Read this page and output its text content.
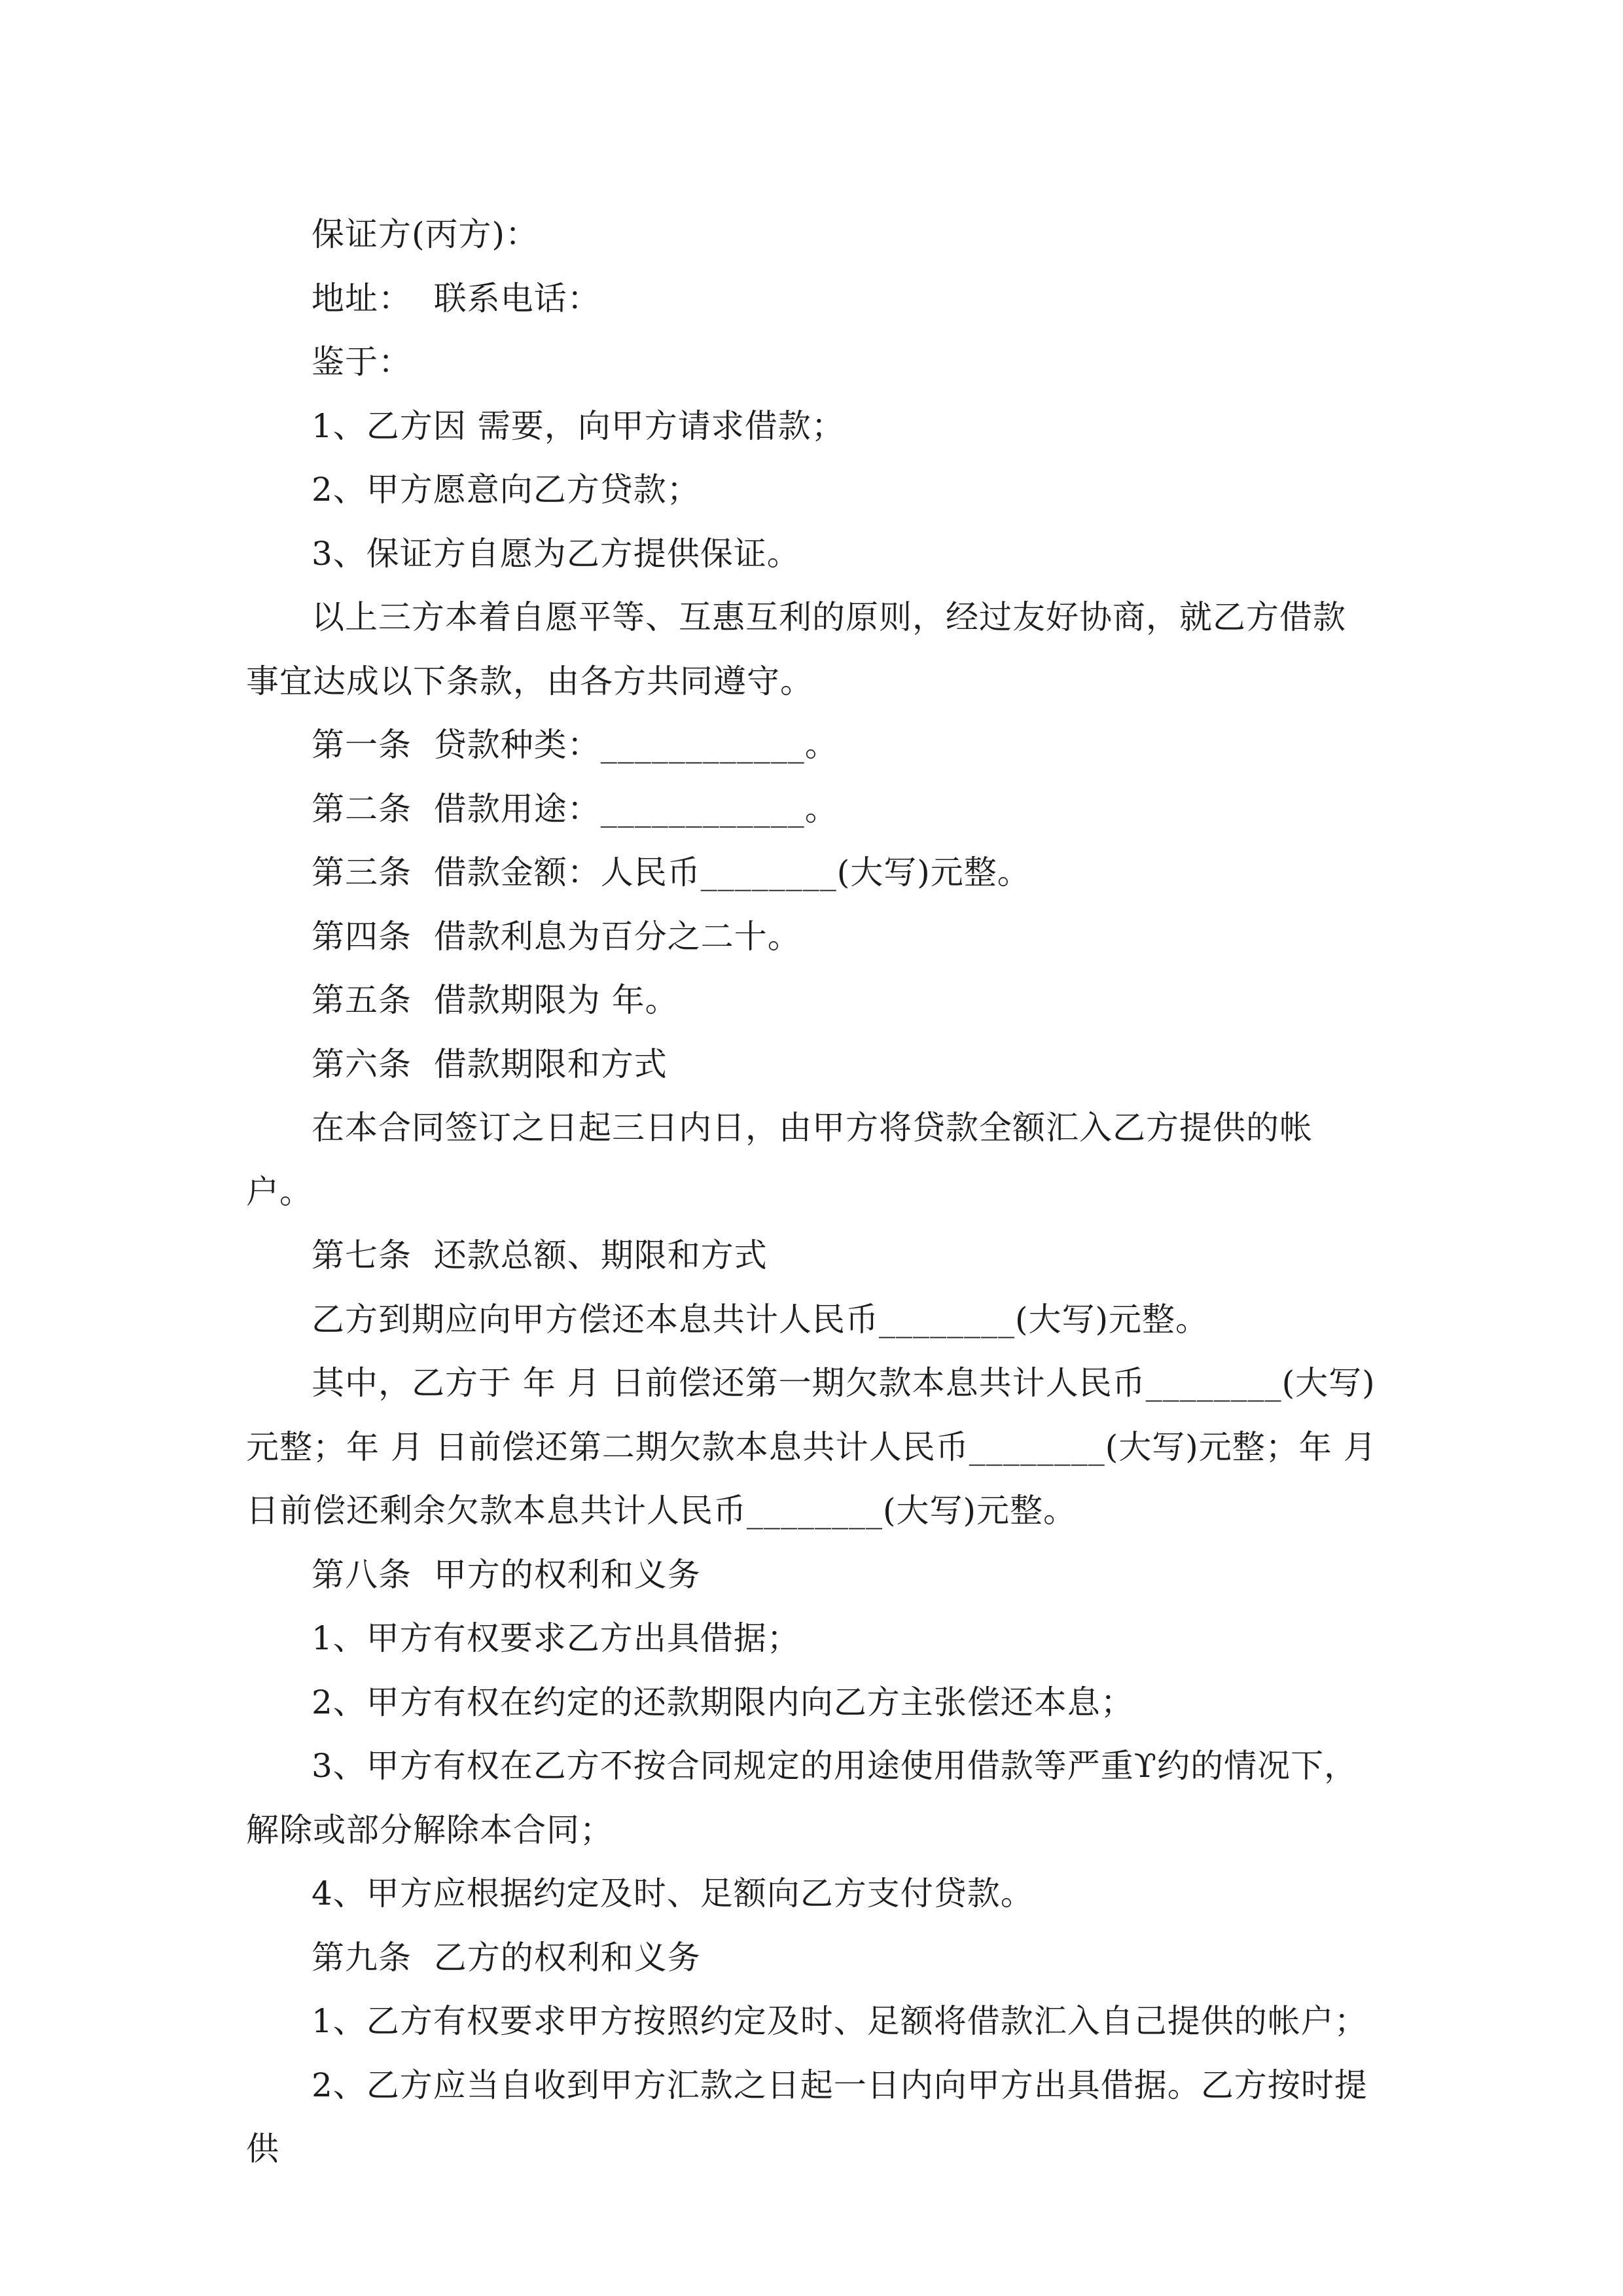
保证方(丙方)：

地址：  联系电话：

鉴于：

1、乙方因 需要，向甲方请求借款；

2、甲方愿意向乙方贷款；

3、保证方自愿为乙方提供保证。

以上三方本着自愿平等、互惠互利的原则，经过友好协商，就乙方借款事宜达成以下条款，由各方共同遵守。

第一条  贷款种类：____________。

第二条  借款用途：____________。

第三条  借款金额：人民币________(大写)元整。

第四条  借款利息为百分之二十。

第五条  借款期限为 年。

第六条  借款期限和方式

在本合同签订之日起三日内日，由甲方将贷款全额汇入乙方提供的帐户。

第七条  还款总额、期限和方式

乙方到期应向甲方偿还本息共计人民币________(大写)元整。

其中，乙方于 年 月 日前偿还第一期欠款本息共计人民币________(大写)元整；年 月 日前偿还第二期欠款本息共计人民币________(大写)元整；年 月 日前偿还剩余欠款本息共计人民币________(大写)元整。

第八条  甲方的权利和义务

1、甲方有权要求乙方出具借据；

2、甲方有权在约定的还款期限内向乙方主张偿还本息；

3、甲方有权在乙方不按合同规定的用途使用借款等严重ϒ约的情况下，解除或部分解除本合同；

4、甲方应根据约定及时、足额向乙方支付贷款。

第九条  乙方的权利和义务

1、乙方有权要求甲方按照约定及时、足额将借款汇入自己提供的帐户；

2、乙方应当自收到甲方汇款之日起一日内向甲方出具借据。乙方按时提供
